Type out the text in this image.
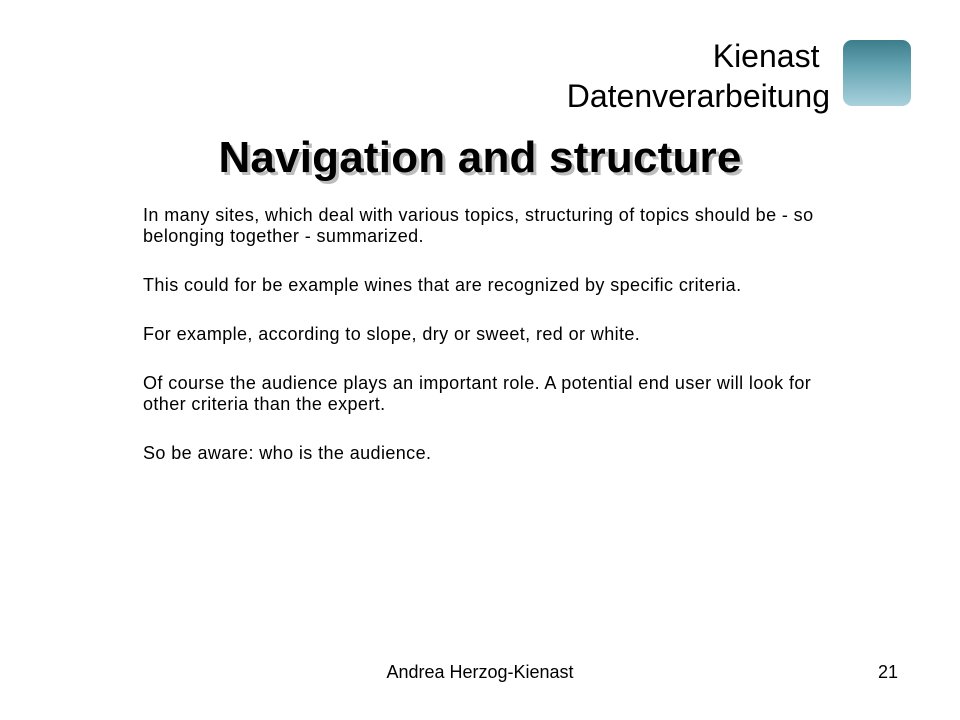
Kienast
Datenverarbeitung
Navigation and structure

In many sites, which deal with various topics, structuring of topics should be - so belonging together - summarized.

This could for be example wines that are recognized by specific criteria.

For example, according to slope, dry or sweet, red or white.

Of course the audience plays an important role. A potential end user will look for other criteria than the expert.

So be aware: who is the audience.

Andrea Herzog-Kienast	21
